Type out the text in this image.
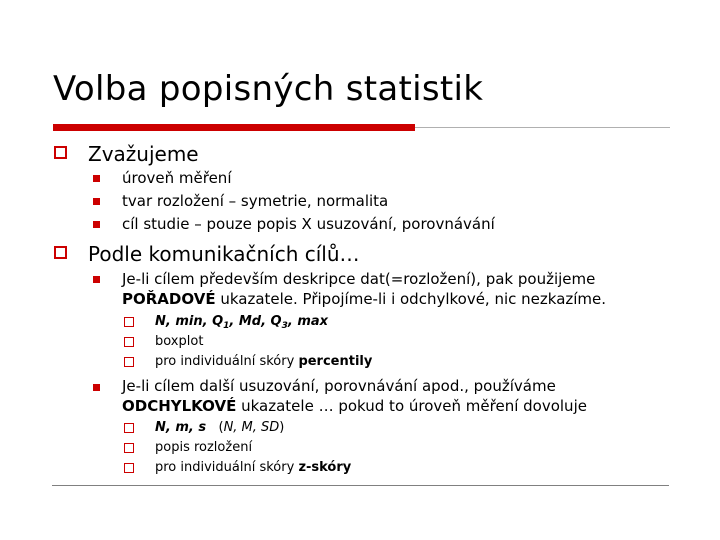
Volba popisných statistik
Zvažujeme
úroveň měření
tvar rozložení – symetrie, normalita
cíl studie – pouze popis X usuzování, porovnávání
Podle komunikačních cílů…
Je-li cílem především deskripce dat(=rozložení), pak použijeme
POŘADOVÉ ukazatele. Připojíme-li i odchylkové, nic nezkazíme.
N, min, $Q_1$, Md, $Q_3$, max
boxplot
pro individuální skóry percentily
Je-li cílem další usuzování, porovnávání apod., používáme
ODCHYLKOVÉ ukazatele … pokud to úroveň měření dovoluje
N, m, s   (N, M, SD)
popis rozložení
pro individuální skóry z-skóry
